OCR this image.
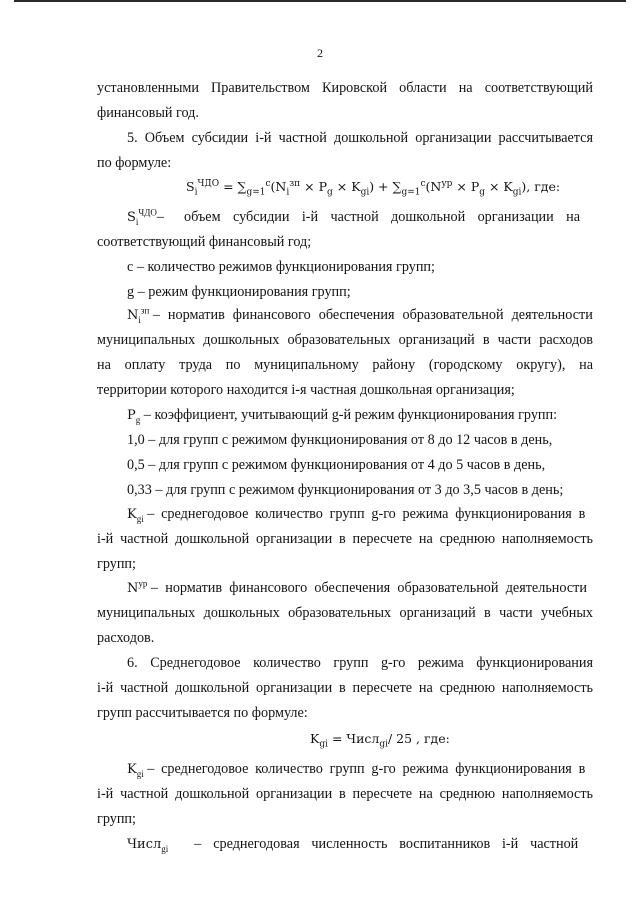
2
установленными Правительством Кировской области на соответствующий
финансовый год.
5. Объем субсидии i-й частной дошкольной организации рассчитывается
по формуле:
$S_i^{ЧДО} = \sum_{g=1}^c(N_i^{зп} \times P_g \times K_{gi}) + \sum_{g=1}^c(N^{ур} \times P_g \times K_{gi})$, где:
$S_i^{ЧДО}-$ объем субсидии i-й частной дошкольной организации на
соответствующий финансовый год;
c – количество режимов функционирования групп;
g – режим функционирования групп;
$N_i^{зп}$ – норматив финансового обеспечения образовательной деятельности
муниципальных дошкольных образовательных организаций в части расходов
на оплату труда по муниципальному району (городскому округу), на
территории которого находится i-я частная дошкольная организация;
$P_g$ – коэффициент, учитывающий g-й режим функционирования групп:
1,0 – для групп с режимом функционирования от 8 до 12 часов в день,
0,5 – для групп с режимом функционирования от 4 до 5 часов в день,
0,33 – для групп с режимом функционирования от 3 до 3,5 часов в день;
$K_{gi}$ – среднегодовое количество групп g-го режима функционирования в
i-й частной дошкольной организации в пересчете на среднюю наполняемость
групп;
$N^{ур}$ – норматив финансового обеспечения образовательной деятельности
муниципальных дошкольных образовательных организаций в части учебных
расходов.
6. Среднегодовое количество групп g-го режима функционирования
i-й частной дошкольной организации в пересчете на среднюю наполняемость
групп рассчитывается по формуле:
$K_{gi}$ = Числ$_{gi}$/ 25 , где:
$K_{gi}$ – среднегодовое количество групп g-го режима функционирования в
i-й частной дошкольной организации в пересчете на среднюю наполняемость
групп;
Числ$_{gi}$ – среднегодовая численность воспитанников i-й частной
